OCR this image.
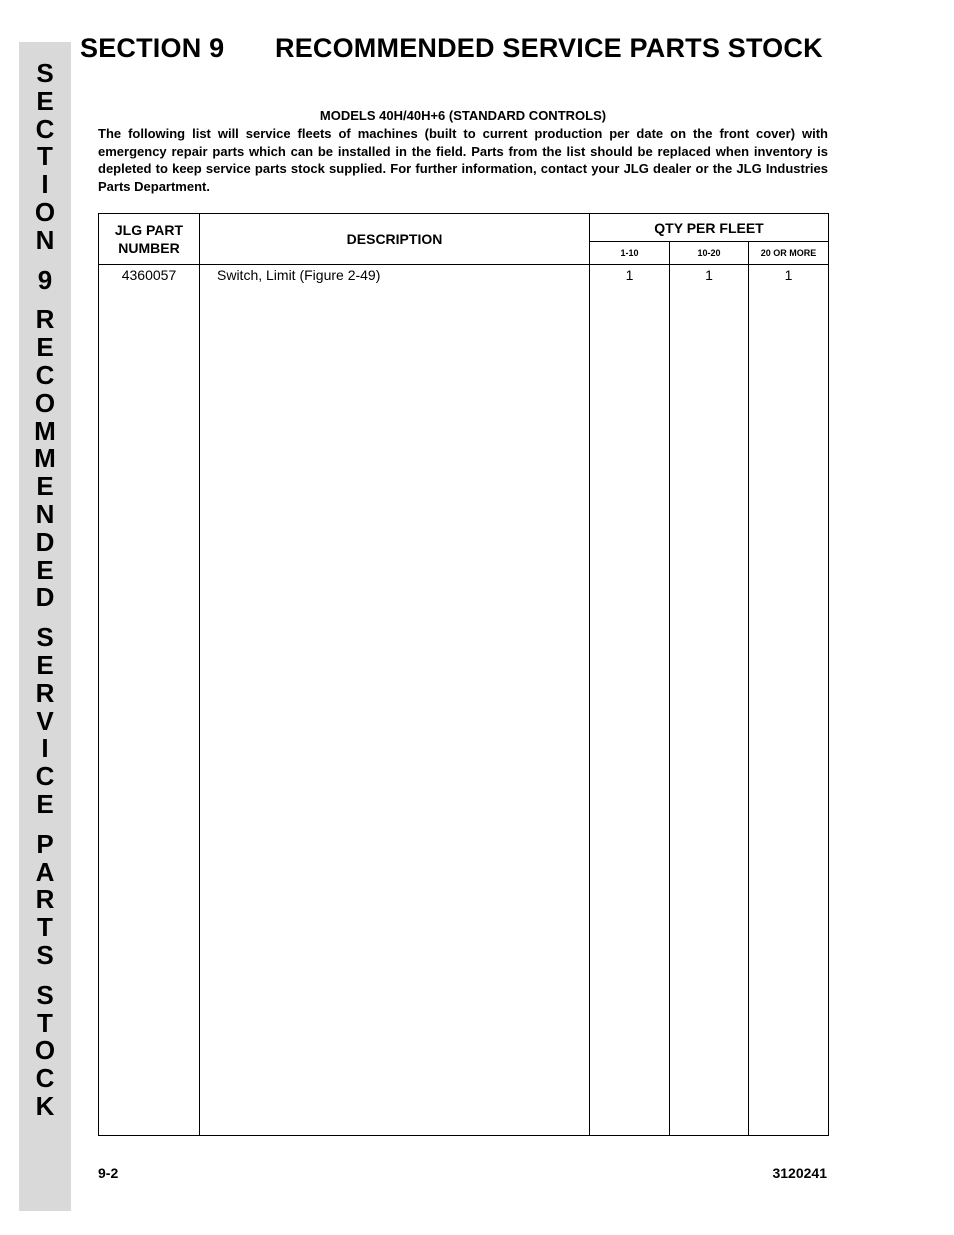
S
E
C
T
I
O
N
9
R
E
C
O
M
M
E
N
D
E
D
S
E
R
V
I
C
E
P
A
R
T
S
S
T
O
C
K
SECTION 9 RECOMMENDED SERVICE PARTS STOCK
MODELS 40H/40H+6 (STANDARD CONTROLS)

The following list will service fleets of machines (built to current production per date on the front cover) with emergency repair parts which can be installed in the field. Parts from the list should be replaced when inventory is depleted to keep service parts stock supplied. For further information, contact your JLG dealer or the JLG Industries Parts Department.

JLG PART NUMBER	DESCRIPTION	QTY PER FLEET		
		1-10	10-20	20 OR MORE
4360057	Switch, Limit (Figure 2-49)	1	1	1
9-2	3120241
